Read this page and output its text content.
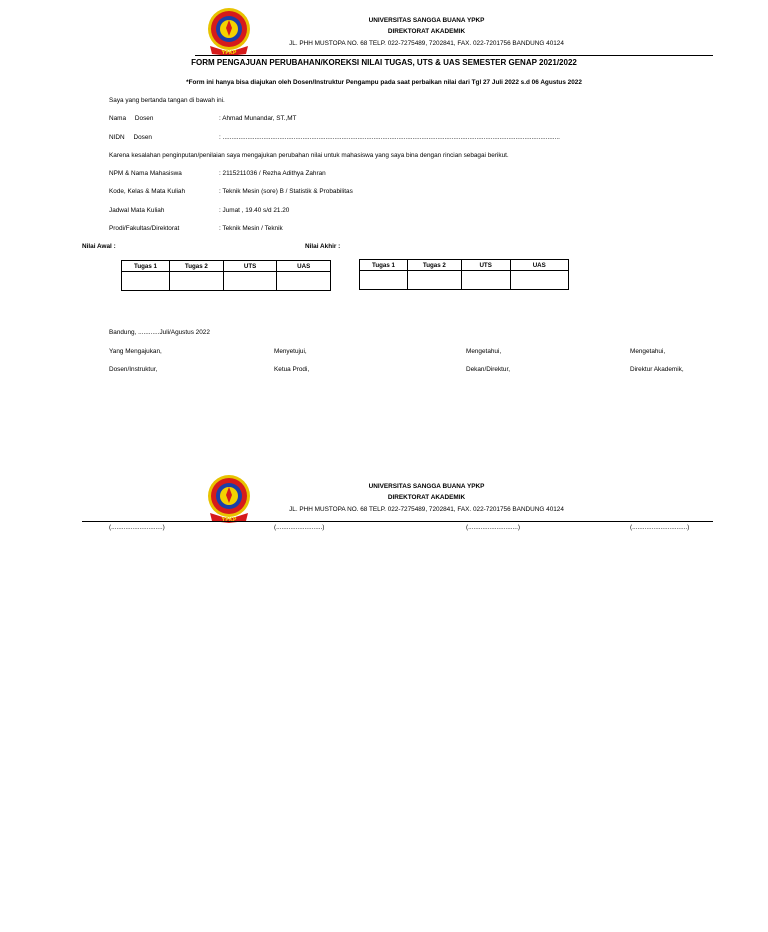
YPKP
UNIVERSITAS SANGGA BUANA YPKP
DIREKTORAT AKADEMIK
JL. PHH MUSTOPA NO. 68 TELP. 022-7275489, 7202841, FAX. 022-7201756 BANDUNG 40124
FORM PENGAJUAN PERUBAHAN/KOREKSI NILAI TUGAS, UTS & UAS SEMESTER GENAP 2021/2022
*Form ini hanya bisa diajukan oleh Dosen/Instruktur Pengampu pada saat perbaikan nilai dari Tgl 27 Juli 2022 s.d 06 Agustus 2022
Saya yang bertanda tangan di bawah ini.
Nama     Dosen	: Ahmad Munandar, ST.,MT
NIDN     Dosen	: ..............................................................................................................................................................................................
Karena kesalahan penginputan/penilaian saya mengajukan perubahan nilai untuk mahasiswa yang saya bina dengan rincian sebagai berikut.
NPM & Nama Mahasiswa	: 2115211036 / Rezha Adithya Zahran
Kode, Kelas & Mata Kuliah	: Teknik Mesin (sore) B / Statistik & Probabilitas
Jadwal Mata Kuliah	: Jumat , 19.40 s/d 21.20
Prodi/Fakultas/Direktorat	: Teknik Mesin / Teknik
Nilai Awal :	Nilai Akhir :
Tugas 1	Tugas 2	UTS	UAS
				Tugas 1	Tugas 2	UTS	UAS

Bandung, ............Juli/Agustus 2022
Yang Mengajukan,	Menyetujui,	Mengetahui,	Mengetahui,
Dosen/Instruktur,	Ketua Prodi,	Dekan/Direktur,	Direktur Akademik,
YPKP
UNIVERSITAS SANGGA BUANA YPKP
DIREKTORAT AKADEMIK
JL. PHH MUSTOPA NO. 68 TELP. 022-7275489, 7202841, FAX. 022-7201756 BANDUNG 40124
(.............................)	(..........................)	(............................)	(...............................)
